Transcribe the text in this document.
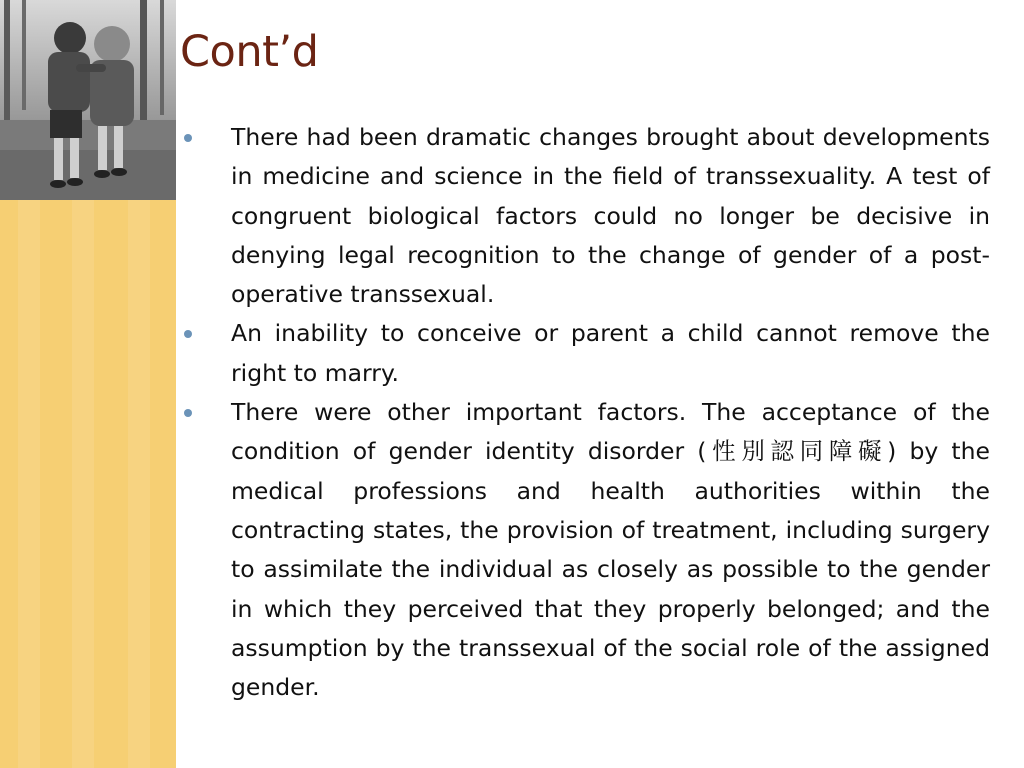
Cont’d
There had been dramatic changes brought about developments in medicine and science in the field of transsexuality. A test of congruent biological factors could no longer be decisive in denying legal recognition to the change of gender of a post-operative transsexual.
An inability to conceive or parent a child cannot remove the right to marry.
There were other important factors. The acceptance of the condition of gender identity disorder (性別認同障礙) by the medical professions and health authorities within the contracting states, the provision of treatment, including surgery to assimilate the individual as closely as possible to the gender in which they perceived that they properly belonged; and the assumption by the transsexual of the social role of the assigned gender.
